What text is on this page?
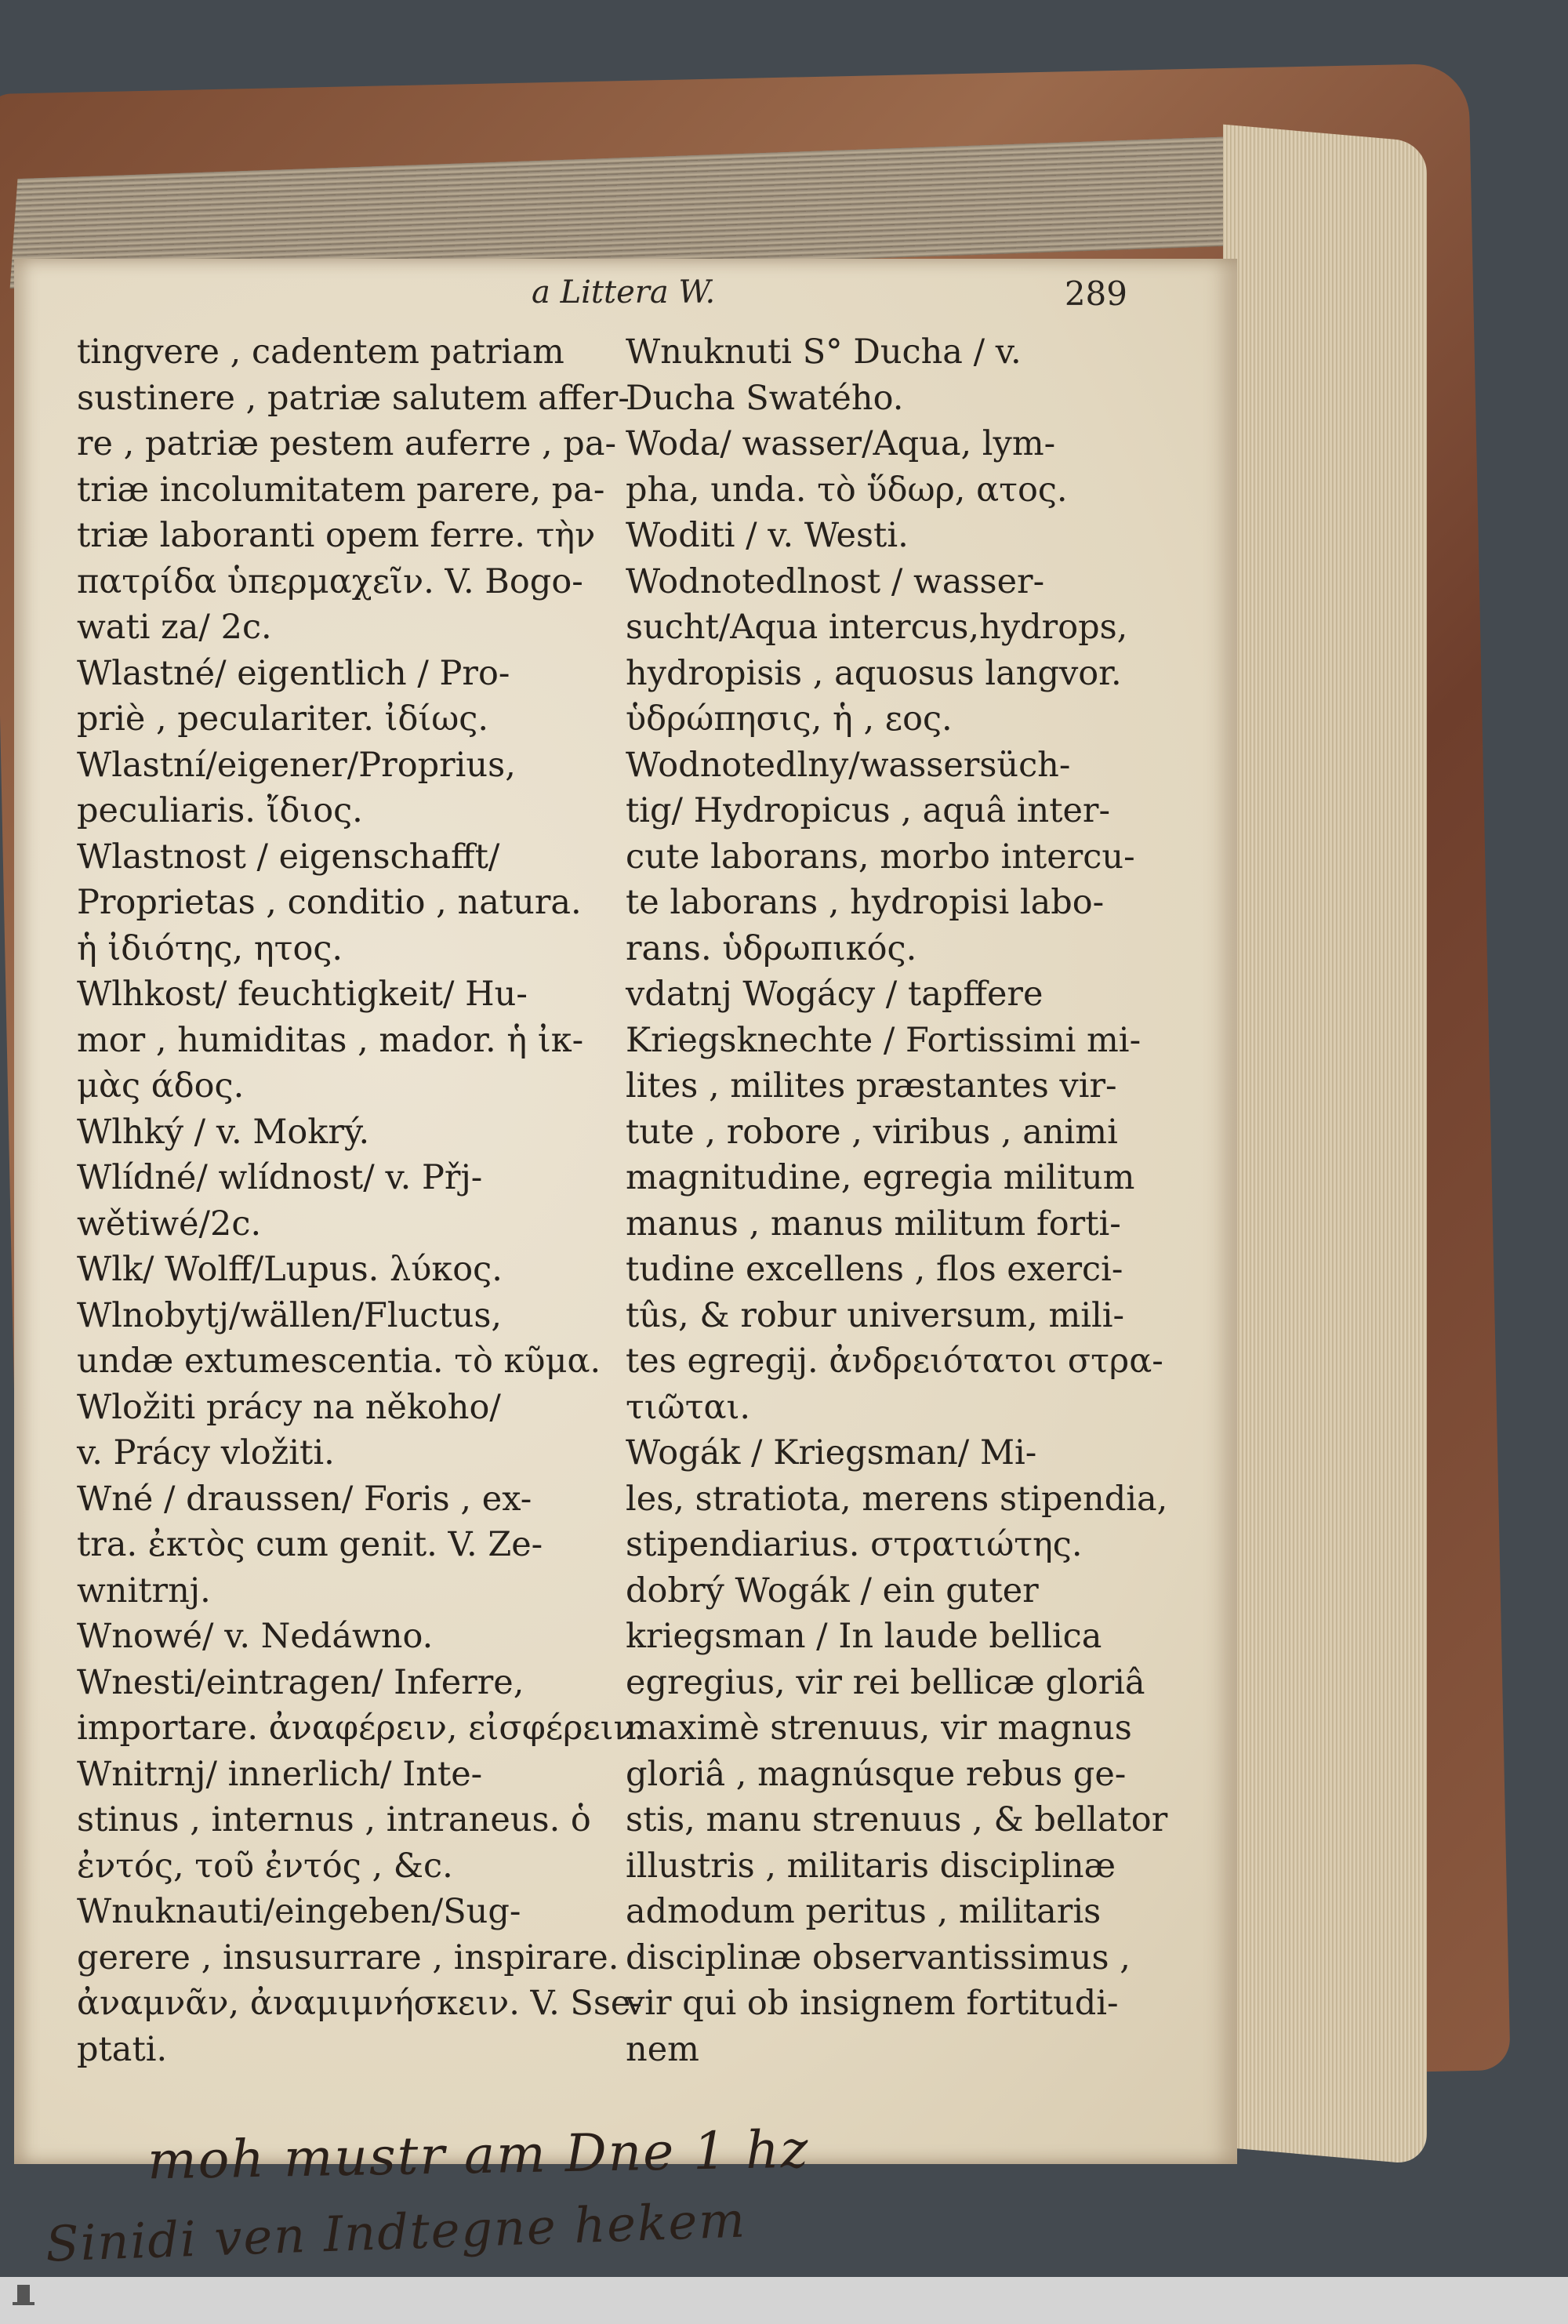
a Littera W.	289
tingvere , cadentem patriam
sustinere , patriæ salutem affer-
re , patriæ pestem auferre , pa-
triæ incolumitatem parere, pa-
triæ laboranti opem ferre. τὴν
πατρίδα ὑπερμαχεῖν. V. Bogo-
wati za/ 2c.
Wlastné/ eigentlich / Pro-
priè , peculariter. ἰδίως.
Wlastní/eigener/Proprius,
peculiaris. ἴδιος.
Wlastnost / eigenschafft/
Proprietas , conditio , natura.
ἡ ἰδιότης, ητος.
Wlhkost/ feuchtigkeit/ Hu-
mor , humiditas , mador. ἡ ἰκ-
μὰς άδος.
Wlhký / v. Mokrý.
Wlídné/ wlídnost/ v. Přj-
wětiwé/2c.
Wlk/ Wolff/Lupus. λύκος.
Wlnobytj/wällen/Fluctus,
undæ extumescentia. τὸ κῦμα.
Wložiti prácy na někoho/
v. Prácy vložiti.
Wné / draussen/ Foris , ex-
tra. ἐκτὸς cum genit. V. Ze-
wnitrnj.
Wnowé/ v. Nedáwno.
Wnesti/eintragen/ Inferre,
importare. ἀναφέρειν, εἰσφέρειν.
Wnitrnj/ innerlich/ Inte-
stinus , internus , intraneus. ὁ
ἐντός, τοῦ ἐντός , &c.
Wnuknauti/eingeben/Sug-
gerere , insusurrare , inspirare.
ἀναμνᾶν, ἀναμιμνήσκειν. V. Sse-
ptati.
Wnuknuti S° Ducha / v.
Ducha Swatého.
Woda/ wasser/Aqua, lym-
pha, unda. τὸ ὕδωρ, ατος.
Woditi / v. Westi.
Wodnotedlnost / wasser-
sucht/Aqua intercus,hydrops,
hydropisis , aquosus langvor.
ὑδρώπησις, ἡ , εος.
Wodnotedlny/wassersüch-
tig/ Hydropicus , aquâ inter-
cute laborans, morbo intercu-
te laborans , hydropisi labo-
rans. ὑδρωπικός.
vdatnj Wogácy / tapffere
Kriegsknechte / Fortissimi mi-
lites , milites præstantes vir-
tute , robore , viribus , animi
magnitudine, egregia militum
manus , manus militum forti-
tudine excellens , flos exerci-
tûs, & robur universum, mili-
tes egregij. ἀνδρειότατοι στρα-
τιῶται.
Wogák / Kriegsman/ Mi-
les, stratiota, merens stipendia,
stipendiarius. στρατιώτης.
dobrý Wogák / ein guter
kriegsman / In laude bellica
egregius, vir rei bellicæ gloriâ
maximè strenuus, vir magnus
gloriâ , magnúsque rebus ge-
stis, manu strenuus , & bellator
illustris , militaris disciplinæ
admodum peritus , militaris
disciplinæ observantissimus ,
vir qui ob insignem fortitudi-
nem
moh mustr am Dne 1 hz
Sinidi ven Indtegne hekem
